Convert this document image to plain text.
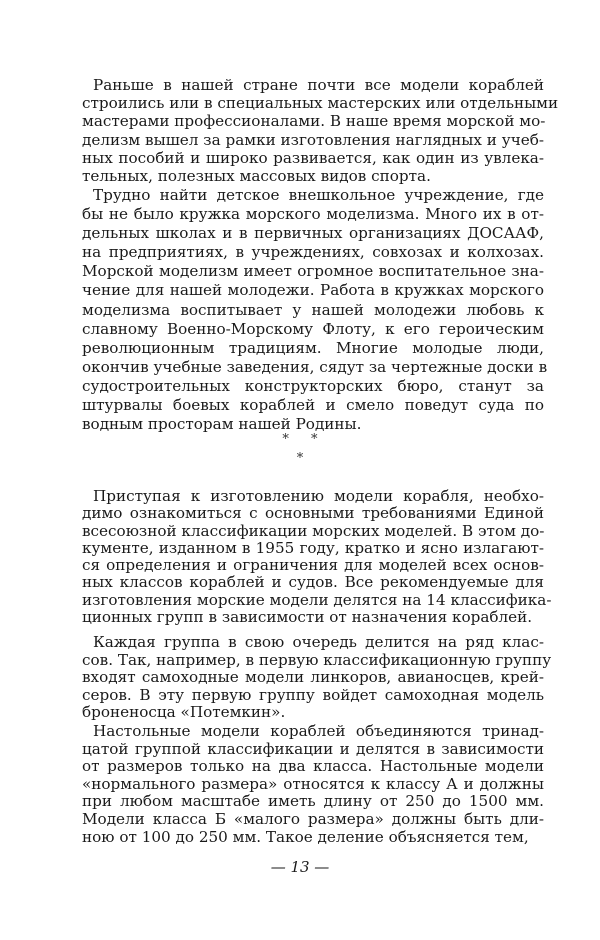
Раньше в нашей стране почти все модели кораблей
строились или в специальных мастерских или отдельными
мастерами профессионалами. В наше время морской мо-
делизм вышел за рамки изготовления наглядных и учеб-
ных пособий и широко развивается, как один из увлека-
тельных, полезных массовых видов спорта.
Трудно найти детское внешкольное учреждение, где
бы не было кружка морского моделизма. Много их в от-
дельных школах и в первичных организациях ДОСААФ,
на предприятиях, в учреждениях, совхозах и колхозах.
Морской моделизм имеет огромное воспитательное зна-
чение для нашей молодежи. Работа в кружках морского
моделизма воспитывает у нашей молодежи любовь к
славному Военно-Морскому Флоту, к его героическим
революционным традициям. Многие молодые люди,
окончив учебные заведения, сядут за чертежные доски в
судостроительных конструкторских бюро, станут за
штурвалы боевых кораблей и смело поведут суда по
водным просторам нашей Родины.
* *
*
Приступая к изготовлению модели корабля, необхо-
димо ознакомиться с основными требованиями Единой
всесоюзной классификации морских моделей. В этом до-
кументе, изданном в 1955 году, кратко и ясно излагают-
ся определения и ограничения для моделей всех основ-
ных классов кораблей и судов. Все рекомендуемые для
изготовления морские модели делятся на 14 классифика-
ционных групп в зависимости от назначения кораблей.
Каждая группа в свою очередь делится на ряд клас-
сов. Так, например, в первую классификационную группу
входят самоходные модели линкоров, авианосцев, крей-
серов. В эту первую группу войдет самоходная модель
броненосца «Потемкин».
Настольные модели кораблей объединяются тринад-
цатой группой классификации и делятся в зависимости
от размеров только на два класса. Настольные модели
«нормального размера» относятся к классу А и должны
при любом масштабе иметь длину от 250 до 1500 мм.
Модели класса Б «малого размера» должны быть дли-
ною от 100 до 250 мм. Такое деление объясняется тем,
— 13 —
